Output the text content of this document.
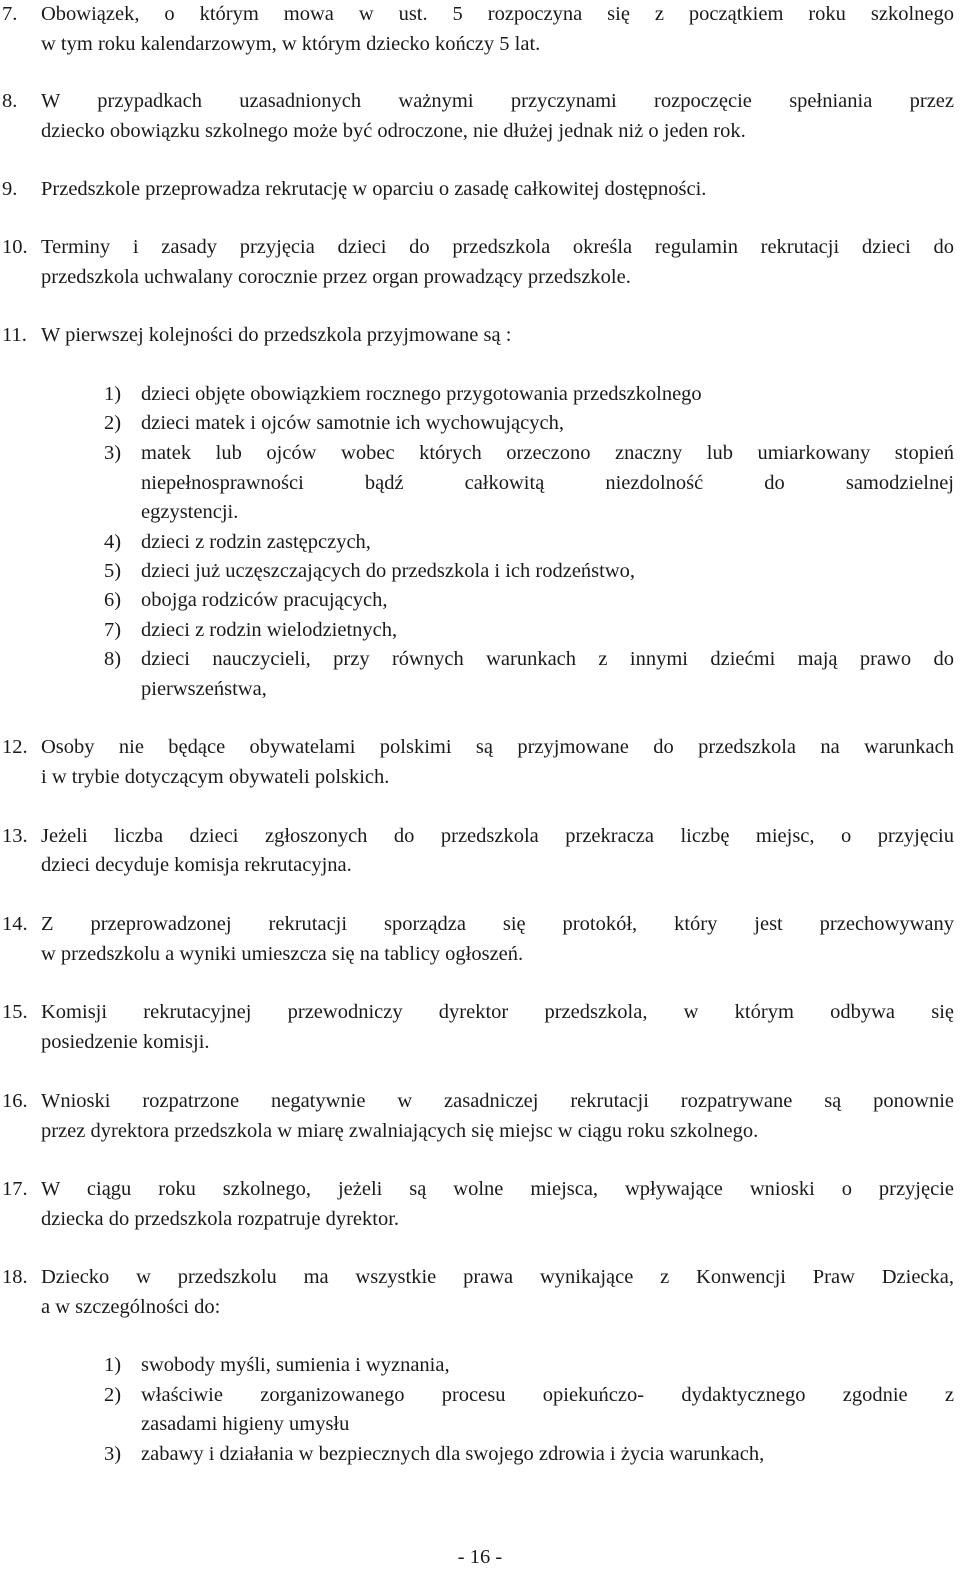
7. Obowiązek, o którym mowa w ust. 5 rozpoczyna się z początkiem roku szkolnego
w tym roku kalendarzowym, w którym dziecko kończy 5 lat.
8. W przypadkach uzasadnionych ważnymi przyczynami rozpoczęcie spełniania przez
dziecko obowiązku szkolnego może być odroczone, nie dłużej jednak niż o jeden rok.
9. Przedszkole przeprowadza rekrutację w oparciu o zasadę całkowitej dostępności.
10. Terminy i zasady przyjęcia dzieci do przedszkola określa regulamin rekrutacji dzieci do
przedszkola uchwalany corocznie przez organ prowadzący przedszkole.
11. W pierwszej kolejności do przedszkola przyjmowane są :
1) dzieci objęte obowiązkiem rocznego przygotowania przedszkolnego
2) dzieci matek i ojców samotnie ich wychowujących,
3) matek lub ojców wobec których orzeczono znaczny lub umiarkowany stopień
niepełnosprawności bądź całkowitą niezdolność do samodzielnej
egzystencji.
4) dzieci z rodzin zastępczych,
5) dzieci już uczęszczających do przedszkola i ich rodzeństwo,
6) obojga rodziców pracujących,
7) dzieci z rodzin wielodzietnych,
8) dzieci nauczycieli, przy równych warunkach z innymi dziećmi mają prawo do
pierwszeństwa,
12. Osoby nie będące obywatelami polskimi są przyjmowane do przedszkola na warunkach
i w trybie dotyczącym obywateli polskich.
13. Jeżeli liczba dzieci zgłoszonych do przedszkola przekracza liczbę miejsc, o przyjęciu
dzieci decyduje komisja rekrutacyjna.
14. Z przeprowadzonej rekrutacji sporządza się protokół, który jest przechowywany
w przedszkolu a wyniki umieszcza się na tablicy ogłoszeń.
15. Komisji rekrutacyjnej przewodniczy dyrektor przedszkola, w którym odbywa się
posiedzenie komisji.
16. Wnioski rozpatrzone negatywnie w zasadniczej rekrutacji rozpatrywane są ponownie
przez dyrektora przedszkola w miarę zwalniających się miejsc w ciągu roku szkolnego.
17. W ciągu roku szkolnego, jeżeli są wolne miejsca, wpływające wnioski o przyjęcie
dziecka do przedszkola rozpatruje dyrektor.
18. Dziecko w przedszkolu ma wszystkie prawa wynikające z Konwencji Praw Dziecka,
a w szczególności do:
1) swobody myśli, sumienia i wyznania,
2) właściwie zorganizowanego procesu opiekuńczo- dydaktycznego zgodnie z
zasadami higieny umysłu
3) zabawy i działania w bezpiecznych dla swojego zdrowia i życia warunkach,
- 16 -
